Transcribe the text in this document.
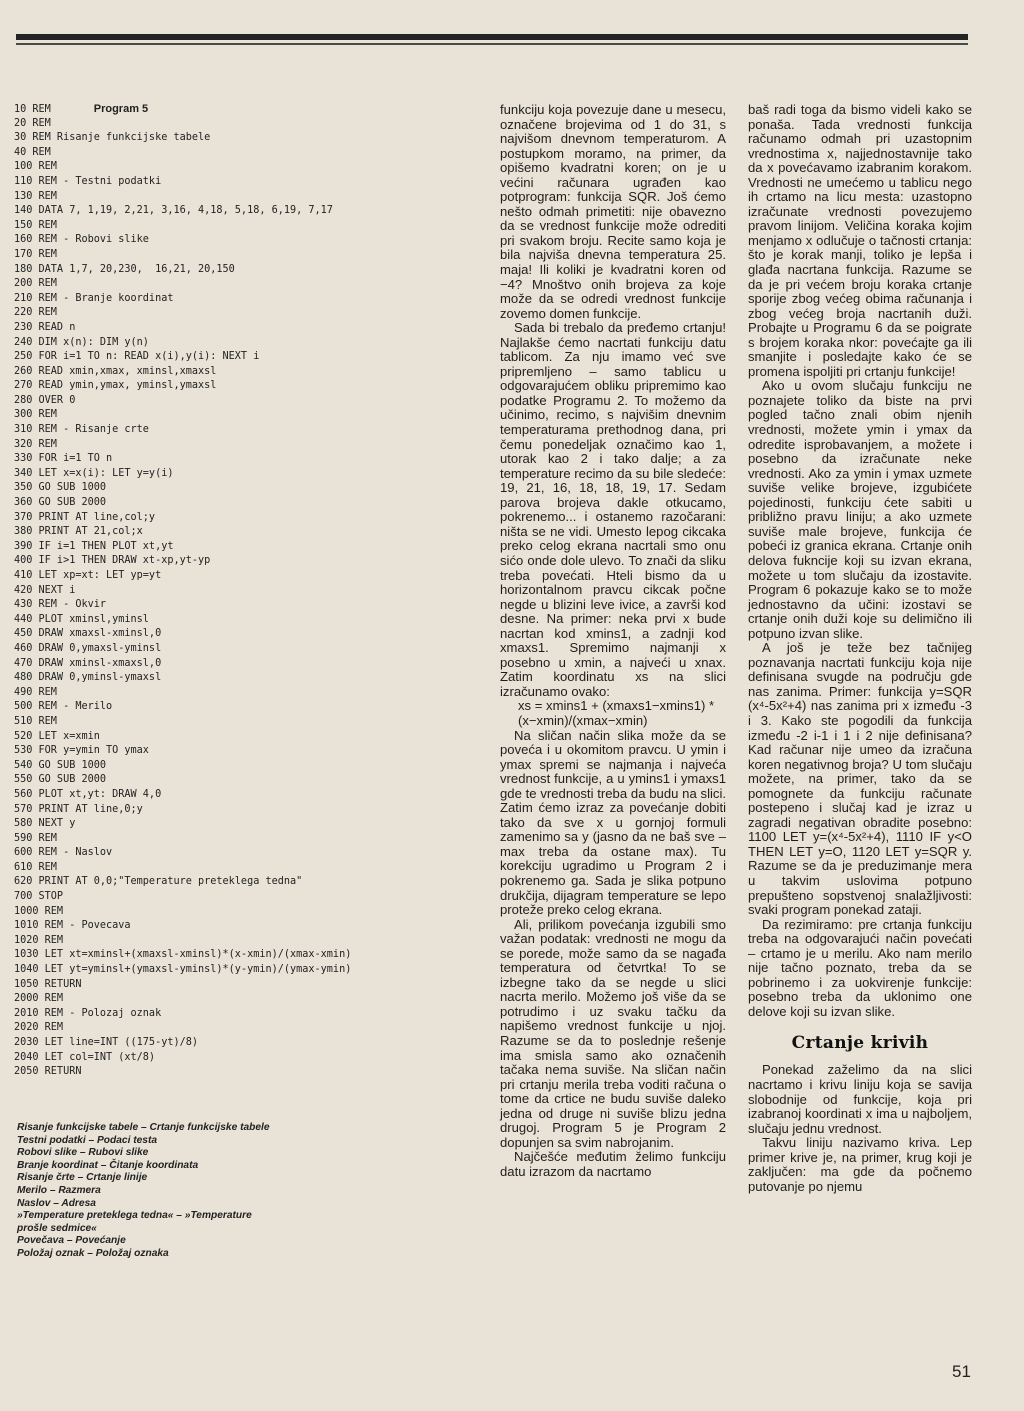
10 REM       Program 5
20 REM
30 REM Risanje funkcijske tabele
40 REM
100 REM
110 REM - Testni podatki
130 REM
140 DATA 7, 1,19, 2,21, 3,16, 4,18, 5,18, 6,19, 7,17
150 REM
160 REM - Robovi slike
170 REM
180 DATA 1,7, 20,230,  16,21, 20,150
200 REM
210 REM - Branje koordinat
220 REM
230 READ n
240 DIM x(n): DIM y(n)
250 FOR i=1 TO n: READ x(i),y(i): NEXT i
260 READ xmin,xmax, xminsl,xmaxsl
270 READ ymin,ymax, yminsl,ymaxsl
280 OVER 0
300 REM
310 REM - Risanje crte
320 REM
330 FOR i=1 TO n
340 LET x=x(i): LET y=y(i)
350 GO SUB 1000
360 GO SUB 2000
370 PRINT AT line,col;y
380 PRINT AT 21,col;x
390 IF i=1 THEN PLOT xt,yt
400 IF i>1 THEN DRAW xt-xp,yt-yp
410 LET xp=xt: LET yp=yt
420 NEXT i
430 REM - Okvir
440 PLOT xminsl,yminsl
450 DRAW xmaxsl-xminsl,0
460 DRAW 0,ymaxsl-yminsl
470 DRAW xminsl-xmaxsl,0
480 DRAW 0,yminsl-ymaxsl
490 REM
500 REM - Merilo
510 REM
520 LET x=xmin
530 FOR y=ymin TO ymax
540 GO SUB 1000
550 GO SUB 2000
560 PLOT xt,yt: DRAW 4,0
570 PRINT AT line,0;y
580 NEXT y
590 REM
600 REM - Naslov
610 REM
620 PRINT AT 0,0;"Temperature preteklega tedna"
700 STOP
1000 REM
1010 REM - Povecava
1020 REM
1030 LET xt=xminsl+(xmaxsl-xminsl)*(x-xmin)/(xmax-xmin)
1040 LET yt=yminsl+(ymaxsl-yminsl)*(y-ymin)/(ymax-ymin)
1050 RETURN
2000 REM
2010 REM - Polozaj oznak
2020 REM
2030 LET line=INT ((175-yt)/8)
2040 LET col=INT (xt/8)
2050 RETURN
Risanje funkcijske tabele – Crtanje funkcijske tabele
Testni podatki – Podaci testa
Robovi slike – Rubovi slike
Branje koordinat – Čitanje koordinata
Risanje črte – Crtanje linije
Merilo – Razmera
Naslov – Adresa
»Temperature preteklega tedna« – »Temperature
prošle sedmice«
Povečava – Povećanje
Položaj oznak – Položaj oznaka

funkciju koja povezuje dane u mesecu, označene brojevima od 1 do 31, s najvišom dnevnom temperaturom. A postupkom moramo, na primer, da opišemo kvadratni koren; on je u većini računara ugrađen kao potprogram: funkcija SQR. Još ćemo nešto odmah primetiti: nije obavezno da se vrednost funkcije može odrediti pri svakom broju. Recite samo koja je bila najviša dnevna temperatura 25. maja! Ili koliki je kvadratni koren od −4? Mnoštvo onih brojeva za koje može da se odredi vrednost funkcije zovemo domen funkcije.

Sada bi trebalo da pređemo crtanju! Najlakše ćemo nacrtati funkciju datu tablicom. Za nju imamo već sve pripremljeno – samo tablicu u odgovarajućem obliku pripremimo kao podatke Programu 2. To možemo da učinimo, recimo, s najvišim dnevnim temperaturama prethodnog dana, pri čemu ponedeljak označimo kao 1, utorak kao 2 i tako dalje; a za temperature recimo da su bile sledeće: 19, 21, 16, 18, 18, 19, 17. Sedam parova brojeva dakle otkucamo, pokrenemo... i ostanemo razočarani: ništa se ne vidi. Umesto lepog cikcaka preko celog ekrana nacrtali smo onu sićo onde dole ulevo. To znači da sliku treba povećati. Hteli bismo da u horizontalnom pravcu cikcak počne negde u blizini leve ivice, a završi kod desne. Na primer: neka prvi x bude nacrtan kod xmins1, a zadnji kod xmaxs1. Spremimo najmanji x posebno u xmin, a najveći u xnax. Zatim koordinatu xs na slici izračunamo ovako:

xs = xmins1 + (xmaxs1−xmins1) * (x−xmin)/(xmax−xmin)

Na sličan način slika može da se poveća i u okomitom pravcu. U ymin i ymax spremi se najmanja i najveća vrednost funkcije, a u ymins1 i ymaxs1 gde te vrednosti treba da budu na slici. Zatim ćemo izraz za povećanje dobiti tako da sve x u gornjoj formuli zamenimo sa y (jasno da ne baš sve – max treba da ostane max). Tu korekciju ugradimo u Program 2 i pokrenemo ga. Sada je slika potpuno drukčija, dijagram temperature se lepo proteže preko celog ekrana.

Ali, prilikom povećanja izgubili smo važan podatak: vrednosti ne mogu da se porede, može samo da se nagađa temperatura od četvrtka! To se izbegne tako da se negde u slici nacrta merilo. Možemo još više da se potrudimo i uz svaku tačku da napišemo vrednost funkcije u njoj. Razume se da to poslednje rešenje ima smisla samo ako označenih tačaka nema suviše. Na sličan način pri crtanju merila treba voditi računa o tome da crtice ne budu suviše daleko jedna od druge ni suviše blizu jedna drugoj. Program 5 je Program 2 dopunjen sa svim nabrojanim.

Najčešće međutim želimo funkciju datu izrazom da nacrtamo

baš radi toga da bismo videli kako se ponaša. Tada vrednosti funkcija računamo odmah pri uzastopnim vrednostima x, najjednostavnije tako da x povećavamo izabranim korakom. Vrednosti ne umećemo u tablicu nego ih crtamo na licu mesta: uzastopno izračunate vrednosti povezujemo pravom linijom. Veličina koraka kojim menjamo x odlučuje o tačnosti crtanja: što je korak manji, toliko je lepša i glađa nacrtana funkcija. Razume se da je pri većem broju koraka crtanje sporije zbog većeg obima računanja i zbog većeg broja nacrtanih duži. Probajte u Programu 6 da se poigrate s brojem koraka nkor: povećajte ga ili smanjite i posledajte kako će se promena ispoljiti pri crtanju funkcije!

Ako u ovom slučaju funkciju ne poznajete toliko da biste na prvi pogled tačno znali obim njenih vrednosti, možete ymin i ymax da odredite isprobavanjem, a možete i posebno da izračunate neke vrednosti. Ako za ymin i ymax uzmete suviše velike brojeve, izgubićete pojedinosti, funkciju ćete sabiti u približno pravu liniju; a ako uzmete suviše male brojeve, funkcija će pobeći iz granica ekrana. Crtanje onih delova fukncije koji su izvan ekrana, možete u tom slučaju da izostavite. Program 6 pokazuje kako se to može jednostavno da učini: izostavi se crtanje onih duži koje su delimično ili potpuno izvan slike.

A još je teže bez tačnijeg poznavanja nacrtati funkciju koja nije definisana svugde na području gde nas zanima. Primer: funkcija y=SQR (x⁴-5x²+4) nas zanima pri x između -3 i 3. Kako ste pogodili da funkcija između -2 i-1 i 1 i 2 nije definisana? Kad računar nije umeo da izračuna koren negativnog broja? U tom slučaju možete, na primer, tako da se pomognete da funkciju računate postepeno i slučaj kad je izraz u zagradi negativan obradite posebno: 1100 LET y=(x⁴-5x²+4), 1110 IF y<O THEN LET y=O, 1120 LET y=SQR y. Razume se da je preduzimanje mera u takvim uslovima potpuno prepušteno sopstvenoj snalažljivosti: svaki program ponekad zataji.

Da rezimiramo: pre crtanja funkciju treba na odgovarajući način povećati – crtamo je u merilu. Ako nam merilo nije tačno poznato, treba da se pobrinemo i za uokvirenje funkcije: posebno treba da uklonimo one delove koji su izvan slike.

Crtanje krivih

Ponekad zaželimo da na slici nacrtamo i krivu liniju koja se savija slobodnije od funkcije, koja pri izabranoj koordinati x ima u najboljem, slučaju jednu vrednost.

Takvu liniju nazivamo kriva. Lep primer krive je, na primer, krug koji je zaključen: ma gde da počnemo putovanje po njemu

51
